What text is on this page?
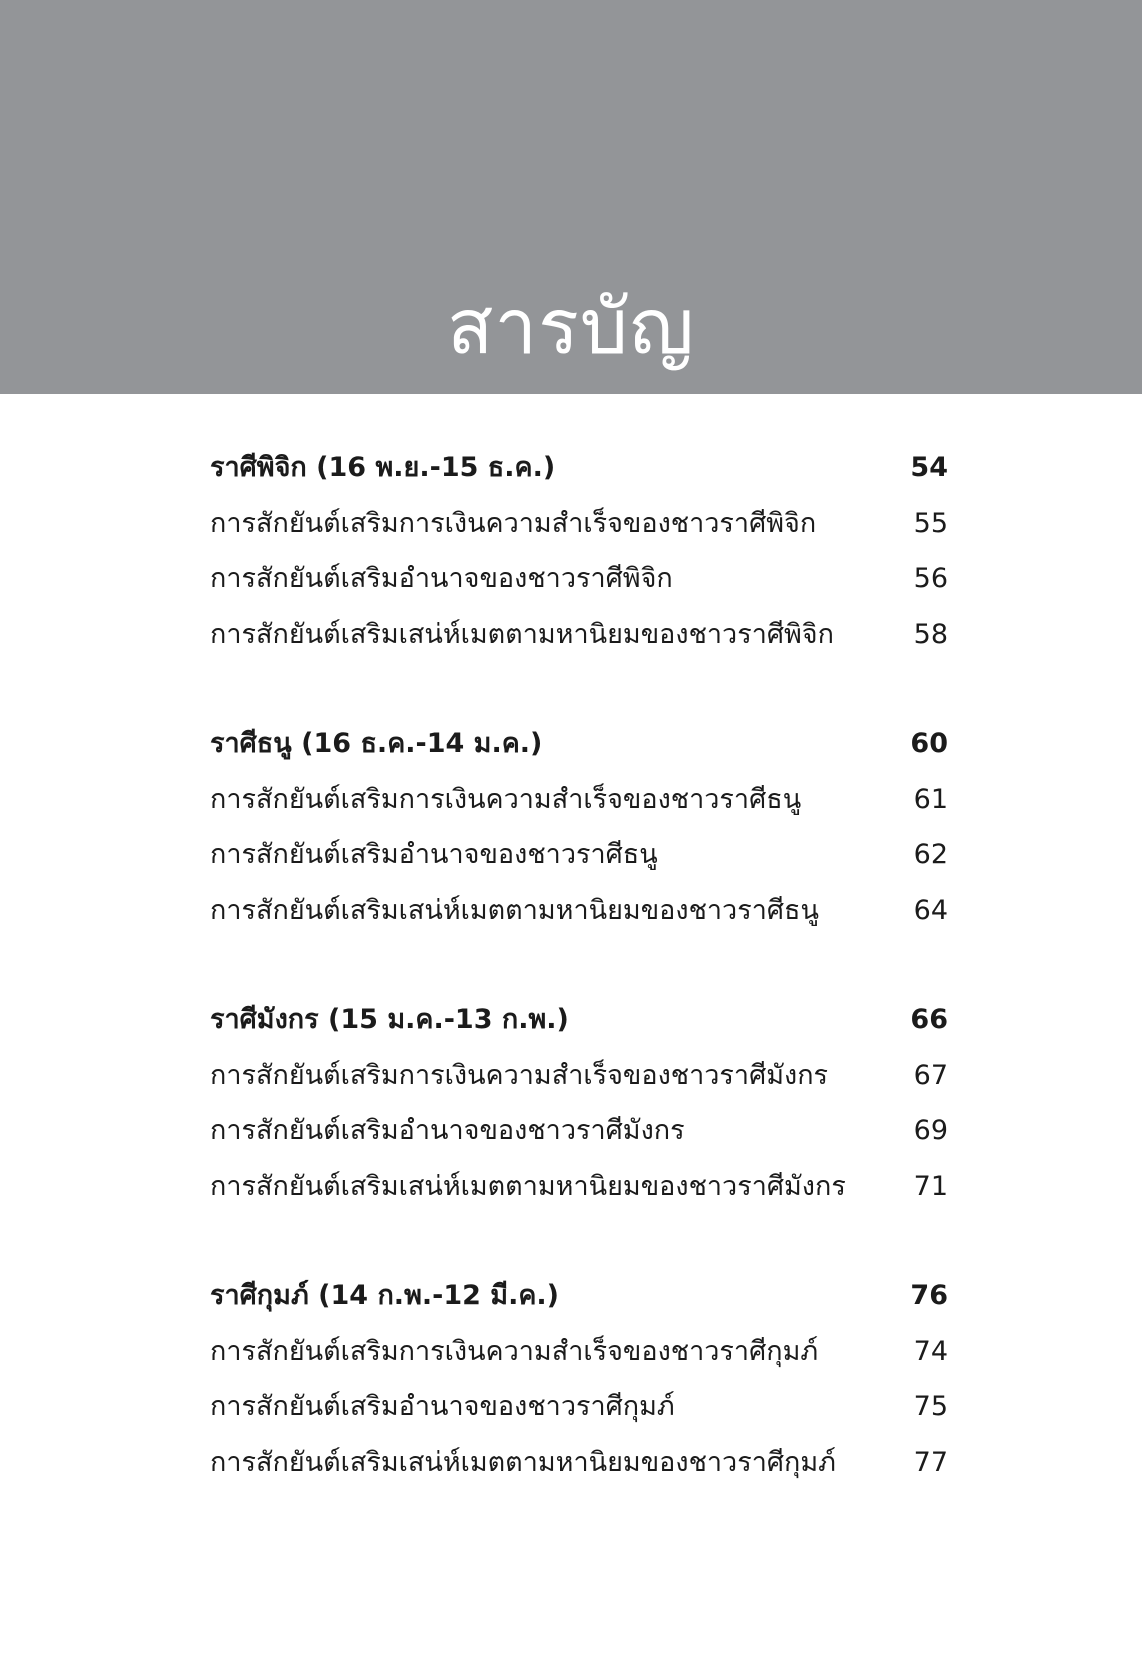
สารบัญ
ราศีพิจิก (16 พ.ย.-15 ธ.ค.)	54
การสักยันต์เสริมการเงินความสำเร็จของชาวราศีพิจิก	55
การสักยันต์เสริมอำนาจของชาวราศีพิจิก	56
การสักยันต์เสริมเสน่ห์เมตตามหานิยมของชาวราศีพิจิก	58
ราศีธนู (16 ธ.ค.-14 ม.ค.)	60
การสักยันต์เสริมการเงินความสำเร็จของชาวราศีธนู	61
การสักยันต์เสริมอำนาจของชาวราศีธนู	62
การสักยันต์เสริมเสน่ห์เมตตามหานิยมของชาวราศีธนู	64
ราศีมังกร (15 ม.ค.-13 ก.พ.)	66
การสักยันต์เสริมการเงินความสำเร็จของชาวราศีมังกร	67
การสักยันต์เสริมอำนาจของชาวราศีมังกร	69
การสักยันต์เสริมเสน่ห์เมตตามหานิยมของชาวราศีมังกร	71
ราศีกุมภ์ (14 ก.พ.-12 มี.ค.)	76
การสักยันต์เสริมการเงินความสำเร็จของชาวราศีกุมภ์	74
การสักยันต์เสริมอำนาจของชาวราศีกุมภ์	75
การสักยันต์เสริมเสน่ห์เมตตามหานิยมของชาวราศีกุมภ์	77
